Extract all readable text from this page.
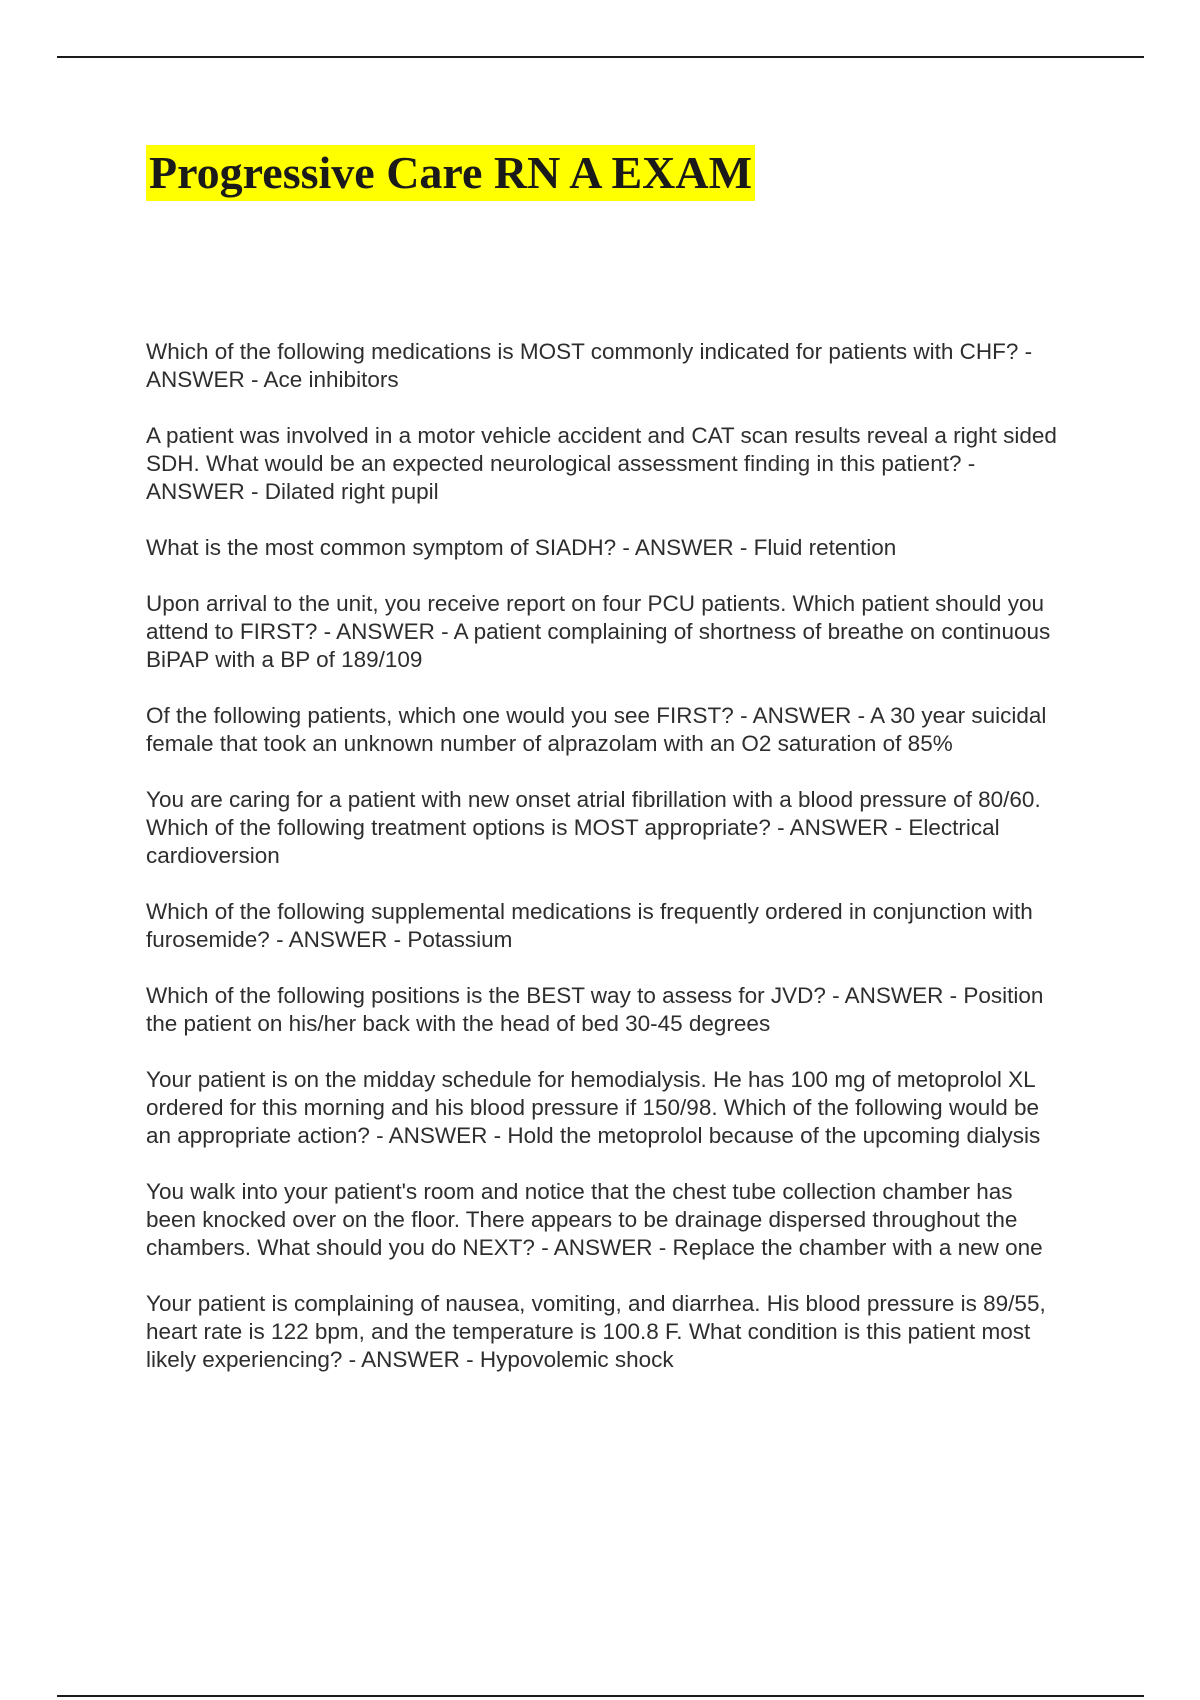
Progressive Care RN A EXAM
Which of the following medications is MOST commonly indicated for patients with CHF? - ANSWER - Ace inhibitors
A patient was involved in a motor vehicle accident and CAT scan results reveal a right sided SDH. What would be an expected neurological assessment finding in this patient? - ANSWER - Dilated right pupil
What is the most common symptom of SIADH? - ANSWER - Fluid retention
Upon arrival to the unit, you receive report on four PCU patients. Which patient should you attend to FIRST? - ANSWER - A patient complaining of shortness of breathe on continuous BiPAP with a BP of 189/109
Of the following patients, which one would you see FIRST? - ANSWER - A 30 year suicidal female that took an unknown number of alprazolam with an O2 saturation of 85%
You are caring for a patient with new onset atrial fibrillation with a blood pressure of 80/60. Which of the following treatment options is MOST appropriate? - ANSWER - Electrical cardioversion
Which of the following supplemental medications is frequently ordered in conjunction with furosemide? - ANSWER - Potassium
Which of the following positions is the BEST way to assess for JVD? - ANSWER - Position the patient on his/her back with the head of bed 30-45 degrees
Your patient is on the midday schedule for hemodialysis. He has 100 mg of metoprolol XL ordered for this morning and his blood pressure if 150/98. Which of the following would be an appropriate action? - ANSWER - Hold the metoprolol because of the upcoming dialysis
You walk into your patient's room and notice that the chest tube collection chamber has been knocked over on the floor. There appears to be drainage dispersed throughout the chambers. What should you do NEXT? - ANSWER - Replace the chamber with a new one
Your patient is complaining of nausea, vomiting, and diarrhea. His blood pressure is 89/55, heart rate is 122 bpm, and the temperature is 100.8 F. What condition is this patient most likely experiencing? - ANSWER - Hypovolemic shock
